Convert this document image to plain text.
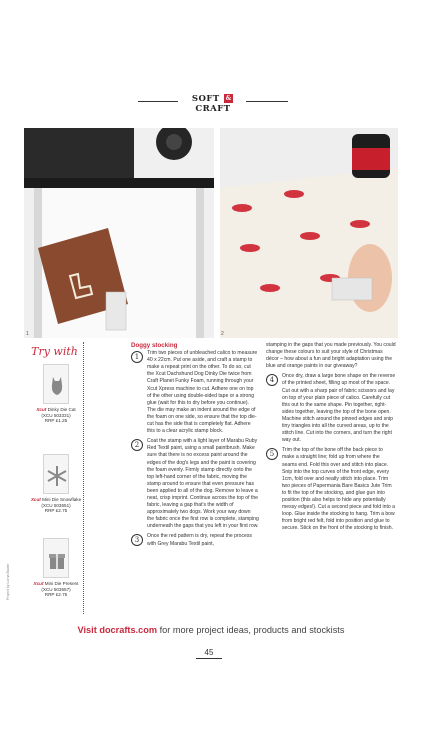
SOFT & CRAFT
1	2
Try with
Xcut Dinky Die Cat
(XCU 503331)
RRP £1.25
Xcut Mini Die Snowflake
(XCU 503651)
RRP £2.75
Xcut Mini Die Present
(XCU 503657)
RRP £2.75
Project by Lorna Baxter
Doggy stocking
1	Trim two pieces of unbleached calico to measure 40 x 22cm. Put one aside, and craft a stamp to make a repeat print on the other. To do so, cut the Xcut Dachshund Dog Dinky Die twice from Craft Planet Funky Foam, running through your Xcut Xpress machine to cut. Adhere one on top of the other using double-sided tape or a strong glue (wait for this to dry before you continue). The die may make an indent around the edge of the foam on one side, so ensure that the top die-cut has the side that is completely flat. Adhere this to a clear acrylic stamp block.

2	Coat the stamp with a light layer of Marabu Ruby Red Textil paint, using a small paintbrush. Make sure that there is no excess paint around the edges of the dog's legs and the paint is covering the foam evenly. Firmly stamp directly onto the top left-hand corner of the fabric, moving the stamp around to ensure that even pressure has been applied to all of the dog. Remove to leave a neat, crisp imprint. Continue across the top of the fabric, leaving a gap that's the width of approximately two dogs. Work your way down the fabric once the first row is complete, stamping underneath the gaps that you left in your first row.

3	Once the red pattern is dry, repeat the process with Grey Marabu Textil paint,

stamping in the gaps that you made previously. You could change these colours to suit your style of Christmas décor – how about a fun and bright adaptation using the blue and orange paints in our giveaway?

4	Once dry, draw a large bone shape on the reverse of the printed sheet, filling up most of the space. Cut out with a sharp pair of fabric scissors and lay on top of your plain piece of calico. Carefully cut this out to the same shape. Pin together, right-sides together, leaving the top of the bone open. Machine stitch around the pinned edges and snip tiny triangles into all the curved areas, up to the stitch line. Cut into the corners, and turn the right way out.

5	Trim the top of the bone off the back piece to make a straight line; fold up from where the seams end. Fold this over and stitch into place. Snip into the top curves of the front edge, every 1cm, fold over and neatly stitch into place. Trim two pieces of Papermania Bare Basics Jute Trim to fit the top of the stocking, and glue gun into position (this also helps to hide any potentially messy edges!). Cut a second piece and fold into a loop. Glue inside the stocking to hang. Trim a bow from bright red felt, fold into position and glue to secure. Stick on the front of the stocking to finish.

Visit docrafts.com for more project ideas, products and stockists
45
